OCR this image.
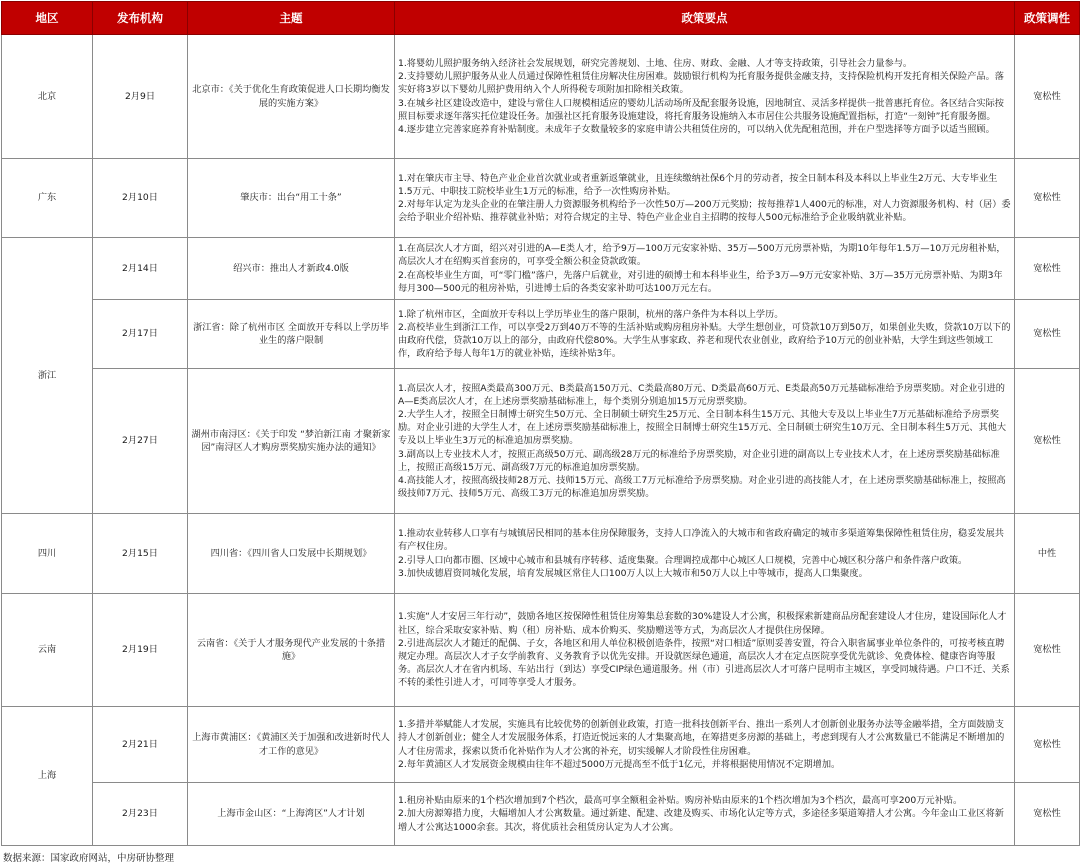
地区	发布机构	主题	政策要点	政策调性
北京	2月9日	北京市：《关于优化生育政策促进人口长期均衡发展的实施方案》	1.将婴幼儿照护服务纳入经济社会发展规划，研究完善规划、土地、住房、财政、金融、人才等支持政策，引导社会力量参与。
2.支持婴幼儿照护服务从业人员通过保障性租赁住房解决住房困难。鼓励银行机构为托育服务提供金融支持，支持保险机构开发托育相关保险产品。落实好将3岁以下婴幼儿照护费用纳入个人所得税专项附加扣除相关政策。
3.在城乡社区建设改造中，建设与常住人口规模相适应的婴幼儿活动场所及配套服务设施，因地制宜、灵活多样提供一批普惠托育位。各区结合实际按照目标要求逐年落实托位建设任务。加强社区托育服务设施建设，将托育服务设施纳入本市居住公共服务设施配置指标，打造“一刻钟”托育服务圈。
4.逐步建立完善家庭养育补贴制度。未成年子女数量较多的家庭申请公共租赁住房的，可以纳入优先配租范围，并在户型选择等方面予以适当照顾。	宽松性
广东	2月10日	肇庆市：出台“用工十条”	1.对在肇庆市主导、特色产业企业首次就业或者重新返肇就业，且连续缴纳社保6个月的劳动者，按全日制本科及本科以上毕业生2万元、大专毕业生1.5万元、中职技工院校毕业生1万元的标准，给予一次性购房补贴。
2.对每年认定为龙头企业的在肇注册人力资源服务机构给予一次性50万—200万元奖励；按每推荐1人400元的标准，对人力资源服务机构、村（居）委会给予职业介绍补贴、推荐就业补贴；对符合规定的主导、特色产业企业自主招聘的按每人500元标准给予企业吸纳就业补贴。	宽松性
浙江	2月14日	绍兴市：推出人才新政4.0版	1.在高层次人才方面，绍兴对引进的A—E类人才，给予9万—100万元安家补贴、35万—500万元房票补贴，为期10年每年1.5万—10万元房租补贴，高层次人才在绍购买首套房的，可享受全额公积金贷款政策。
2.在高校毕业生方面，可“零门槛”落户，先落户后就业，对引进的硕博士和本科毕业生，给予3万—9万元安家补贴、3万—35万元房票补贴、为期3年每月300—500元的租房补贴，引进博士后的各类安家补助可达100万元左右。	宽松性
	2月17日	浙江省：除了杭州市区 全面放开专科以上学历毕业生的落户限制	1.除了杭州市区，全面放开专科以上学历毕业生的落户限制，杭州的落户条件为本科以上学历。
2.高校毕业生到浙江工作，可以享受2万到40万不等的生活补贴或购房租房补贴。大学生想创业，可贷款10万到50万，如果创业失败，贷款10万以下的由政府代偿，贷款10万以上的部分，由政府代偿80%。大学生从事家政、养老和现代农业创业，政府给予10万元的创业补贴，大学生到这些领域工作，政府给予每人每年1万的就业补贴，连续补贴3年。	宽松性
	2月27日	湖州市南浔区：《关于印发 “梦泊新江南 才聚新家园”南浔区人才购房票奖励实施办法的通知》	1.高层次人才，按照A类最高300万元、B类最高150万元、C类最高80万元、D类最高60万元、E类最高50万元基础标准给予房票奖励。对企业引进的A—E类高层次人才，在上述房票奖励基础标准上，每个类别分别追加15万元房票奖励。
2.大学生人才，按照全日制博士研究生50万元、全日制硕士研究生25万元、全日制本科生15万元、其他大专及以上毕业生7万元基础标准给予房票奖励。对企业引进的大学生人才，在上述房票奖励基础标准上，按照全日制博士研究生15万元、全日制硕士研究生10万元、全日制本科生5万元、其他大专及以上毕业生3万元的标准追加房票奖励。
3.副高以上专业技术人才，按照正高级50万元、副高级28万元的标准给予房票奖励，对企业引进的副高以上专业技术人才，在上述房票奖励基础标准上，按照正高级15万元、副高级7万元的标准追加房票奖励。
4.高技能人才，按照高级技师28万元、技师15万元、高级工7万元标准给予房票奖励。对企业引进的高技能人才，在上述房票奖励基础标准上，按照高级技师7万元、技师5万元、高级工3万元的标准追加房票奖励。	宽松性
四川	2月15日	四川省：《四川省人口发展中长期规划》	1.推动农业转移人口享有与城镇居民相同的基本住房保障服务，支持人口净流入的大城市和省政府确定的城市多渠道筹集保障性租赁住房，稳妥发展共有产权住房。
2.引导人口向都市圈、区域中心城市和县城有序转移、适度集聚。合理调控成都中心城区人口规模，完善中心城区积分落户和条件落户政策。
3.加快成德眉资同城化发展，培育发展城区常住人口100万人以上大城市和50万人以上中等城市，提高人口集聚度。	中性
云南	2月19日	云南省：《关于人才服务现代产业发展的十条措施》	1.实施“人才安居三年行动”，鼓励各地区按保障性租赁住房筹集总套数的30%建设人才公寓，积极探索新建商品房配套建设人才住房，建设国际化人才社区，综合采取安家补贴、购（租）房补贴、成本价购买、奖励赠送等方式，为高层次人才提供住房保障。
2.引进高层次人才随迁的配偶、子女，各地区和用人单位积极创造条件，按照“对口相适”原则妥善安置，符合入职省属事业单位条件的，可按考核直聘规定办理。高层次人才子女学前教育、义务教育予以优先安排。开设就医绿色通道，高层次人才在定点医院享受优先就诊、免费体检、健康咨询等服务。高层次人才在省内机场、车站出行（到达）享受CIP绿色通道服务。州（市）引进高层次人才可落户昆明市主城区，享受同城待遇。户口不迁、关系不转的柔性引进人才，可同等享受人才服务。	宽松性
上海	2月21日	上海市黄浦区：《黄浦区关于加强和改进新时代人才工作的意见》	1.多措并举赋能人才发展，实施具有比较优势的创新创业政策，打造一批科技创新平台、推出一系列人才创新创业服务办法等金融举措，全方面鼓励支持人才创新创业；健全人才发展服务体系，打造近悦远来的人才集聚高地，在筹措更多房源的基础上，考虑到现有人才公寓数量已不能满足不断增加的人才住房需求，探索以货币化补贴作为人才公寓的补充，切实缓解人才阶段性住房困难。
2.每年黄浦区人才发展资金规模由往年不超过5000万元提高至不低于1亿元，并将根据使用情况不定期增加。	宽松性
	2月23日	上海市金山区：“上海湾区”人才计划	1.租房补贴由原来的1个档次增加到7个档次，最高可享全额租金补贴。购房补贴由原来的1个档次增加为3个档次，最高可享200万元补贴。
2.加大房源筹措力度，大幅增加人才公寓数量。通过新建、配建、改建及购买、市场化认定等方式，多途径多渠道筹措人才公寓。今年金山工业区将新增人才公寓达1000余套。其次，将优质社会租赁房认定为人才公寓。	宽松性
数据来源：国家政府网站，中房研协整理
